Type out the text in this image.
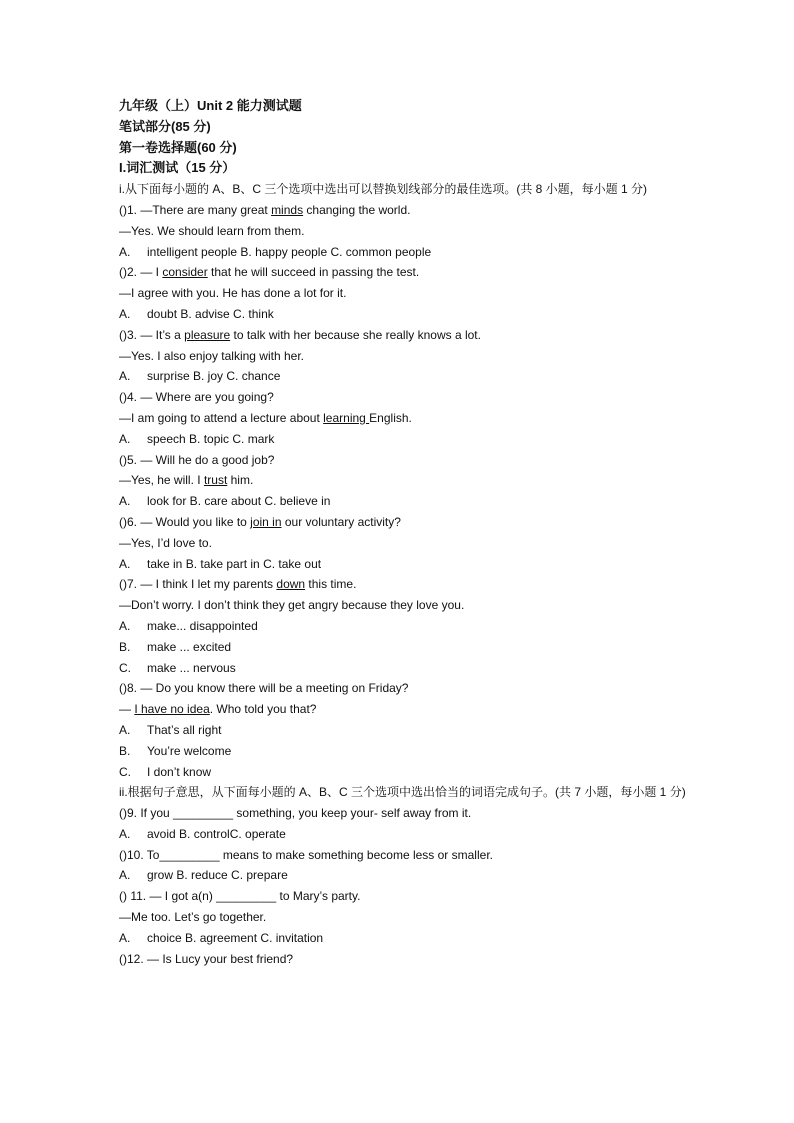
九年级（上）Unit 2 能力测试题
笔试部分(85 分)
第一卷选择题(60 分)
I.词汇测试（15 分）
i.从下面每小题的 A、B、C 三个选项中选出可以替换划线部分的最佳选项。(共 8 小题，每小题 1 分)
()1. —There are many great minds changing the world.
—Yes. We should learn from them.
A. intelligent people B. happy people C. common people
()2. — I consider that he will succeed in passing the test.
—I agree with you. He has done a lot for it.
A. doubt B. advise C. think
()3. — It’s a pleasure to talk with her because she really knows a lot.
—Yes. I also enjoy talking with her.
A. surprise B. joy C. chance
()4. — Where are you going?
—I am going to attend a lecture about learning English.
A. speech B. topic C. mark
()5. — Will he do a good job?
—Yes, he will. I trust him.
A. look for B. care about C. believe in
()6. — Would you like to join in our voluntary activity?
—Yes, I’d love to.
A. take in B. take part in C. take out
()7. — I think I let my parents down this time.
—Don’t worry. I don’t think they get angry because they love you.
A. make... disappointed
B. make ... excited
C. make ... nervous
()8. — Do you know there will be a meeting on Friday?
— I have no idea. Who told you that?
A. That’s all right
B. You’re welcome
C. I don’t know
ii.根据句子意思，从下面每小题的 A、B、C 三个选项中选出恰当的词语完成句子。(共 7 小题，每小题 1 分)
()9. If you _________ something, you keep your- self away from it.
A. avoid B. controlC. operate
()10. To_________ means to make something become less or smaller.
A. grow B. reduce C. prepare
() 11. — I got a(n) _________ to Mary’s party.
—Me too. Let’s go together.
A. choice B. agreement C. invitation
()12. — Is Lucy your best friend?
